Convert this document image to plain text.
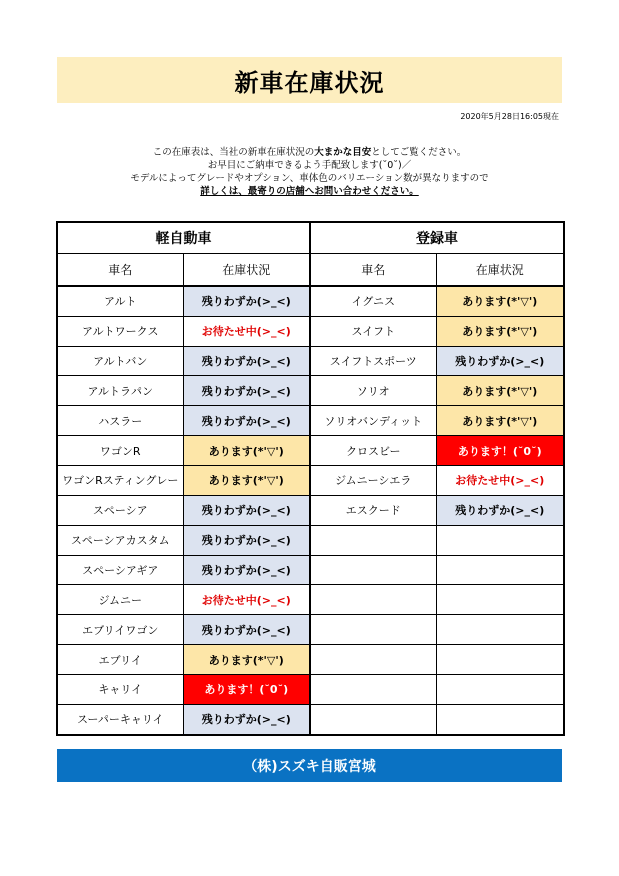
新車在庫状況
2020年5月28日16:05現在
この在庫表は、当社の新車在庫状況の大まかな目安としてご覧ください。
お早目にご納車できるよう手配致します(˘0˘)／
モデルによってグレードやオプション、車体色のバリエーション数が異なりますので
詳しくは、最寄りの店舗へお問い合わせください。
軽自動車		登録車	
車名	在庫状況	車名	在庫状況
アルト	残りわずか(>_<)	イグニス	あります(*'▽')
アルトワークス	お待たせ中(>_<)	スイフト	あります(*'▽')
アルトバン	残りわずか(>_<)	スイフトスポーツ	残りわずか(>_<)
アルトラパン	残りわずか(>_<)	ソリオ	あります(*'▽')
ハスラー	残りわずか(>_<)	ソリオバンディット	あります(*'▽')
ワゴンR	あります(*'▽')	クロスビー	あります！(˘0˘)
ワゴンRスティングレー	あります(*'▽')	ジムニーシエラ	お待たせ中(>_<)
スペーシア	残りわずか(>_<)	エスクード	残りわずか(>_<)
スペーシアカスタム	残りわずか(>_<)		
スペーシアギア	残りわずか(>_<)		
ジムニー	お待たせ中(>_<)		
エブリイワゴン	残りわずか(>_<)		
エブリイ	あります(*'▽')		
キャリイ	あります！(˘0˘)		
スーパーキャリイ	残りわずか(>_<)		
（株)スズキ自販宮城
